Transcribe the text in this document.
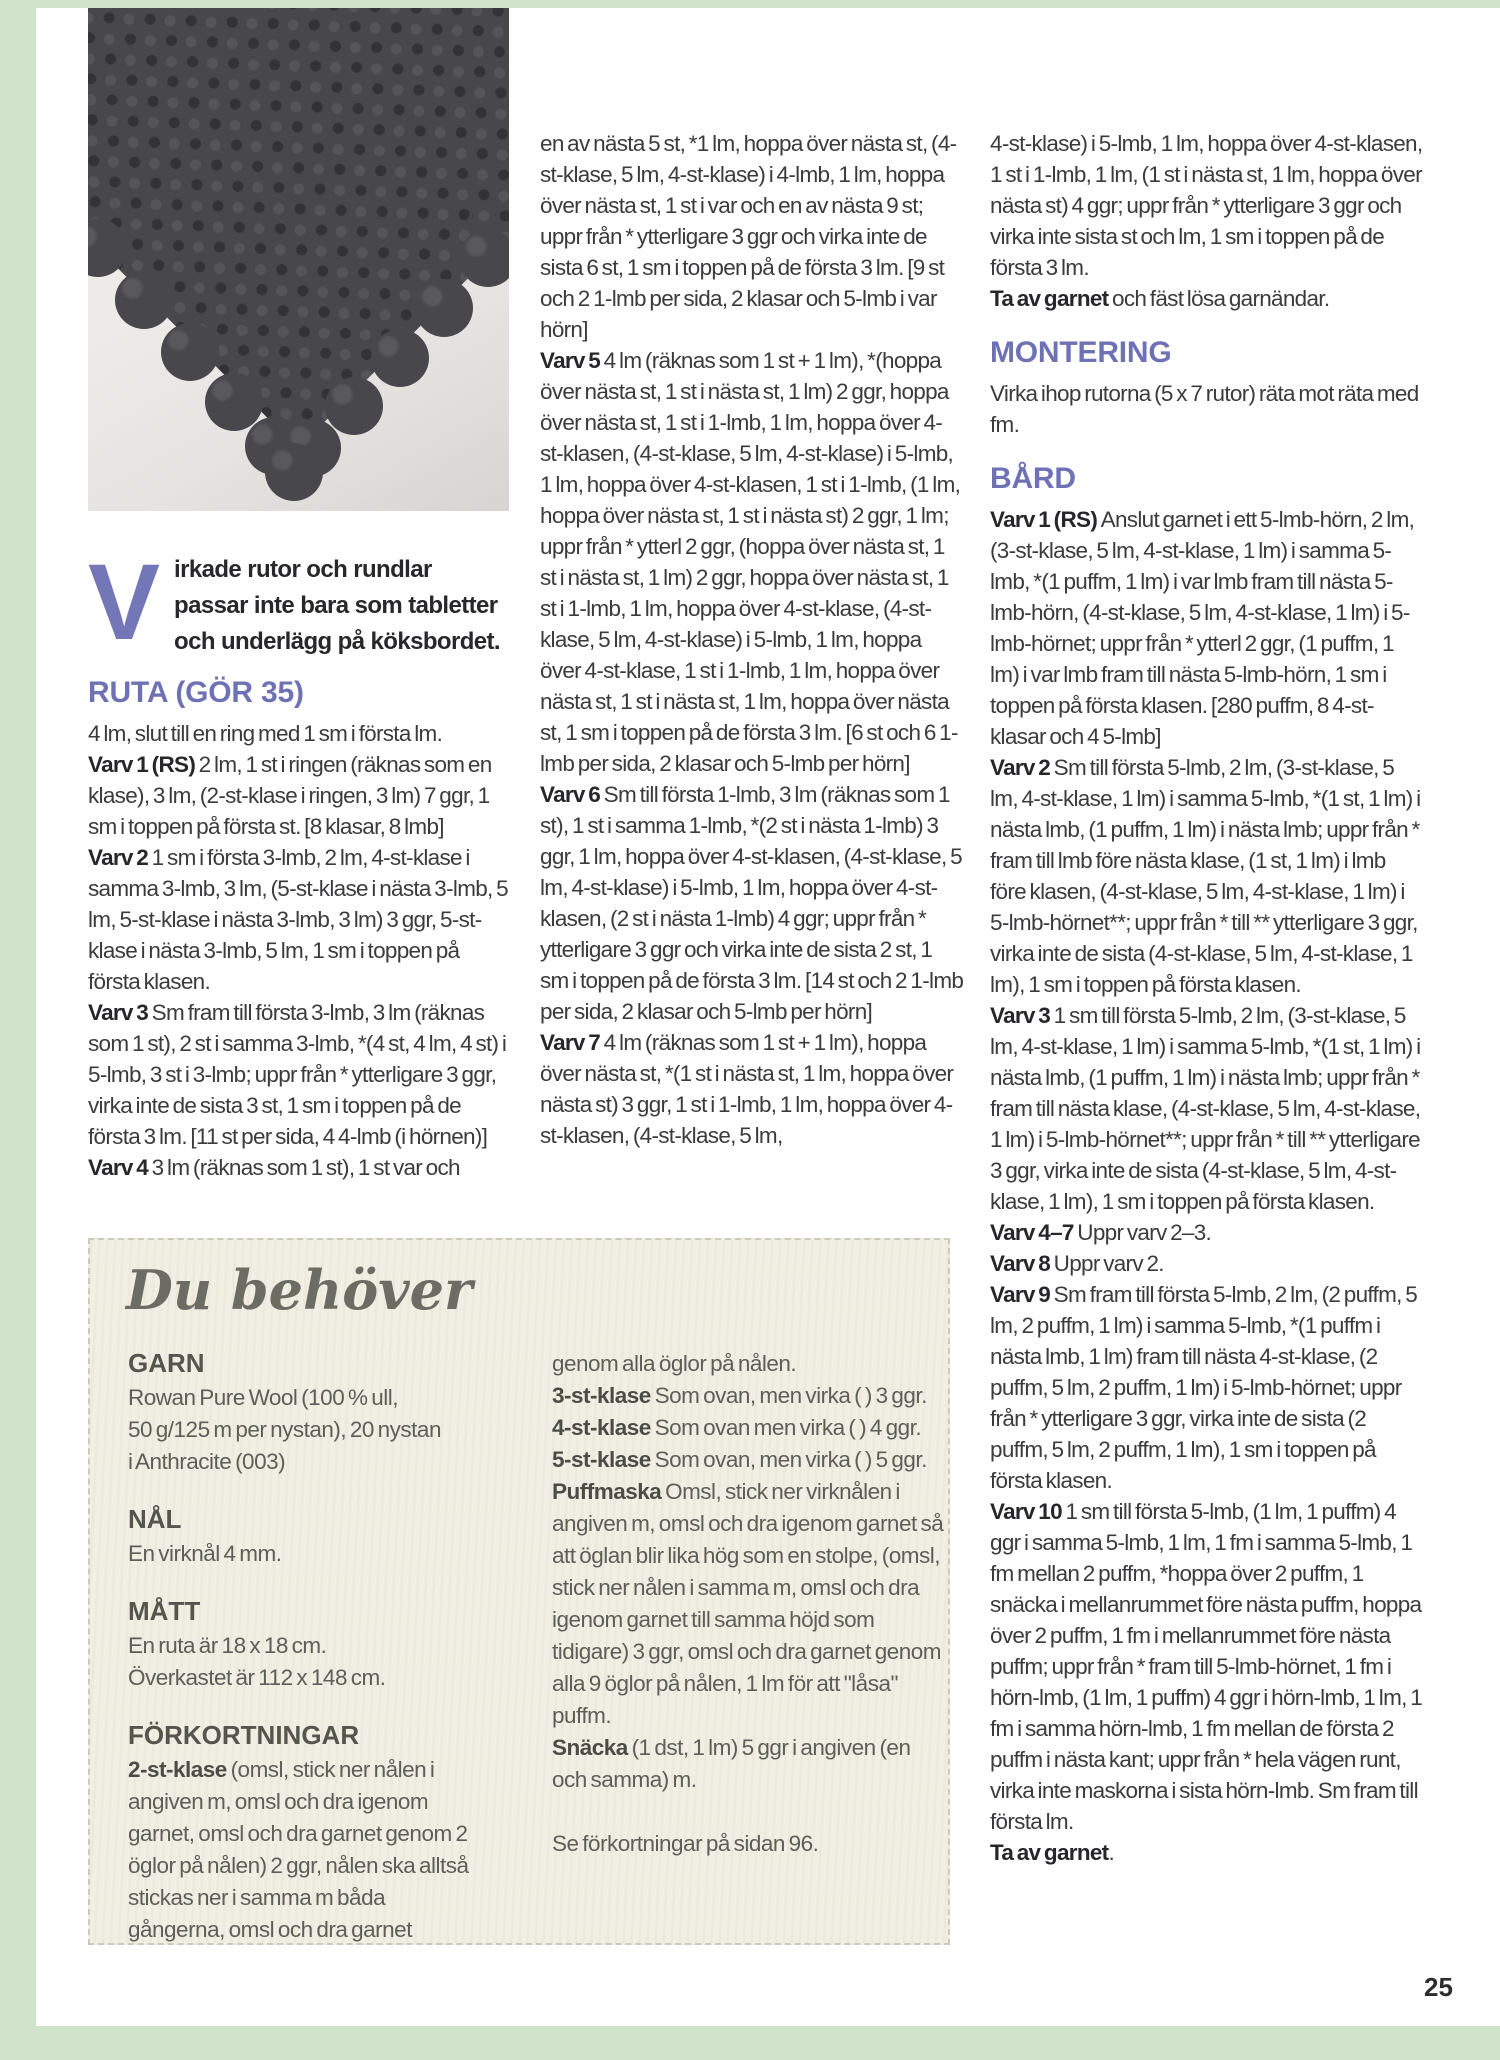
Virkade rutor och rundlar passar inte bara som tabletter och underlägg på köksbordet.
RUTA (GÖR 35)

4 lm, slut till en ring med 1 sm i första lm.

Varv 1 (RS) 2 lm, 1 st i ringen (räknas som en klase), 3 lm, (2-st-klase i ringen, 3 lm) 7 ggr, 1 sm i toppen på första st. [8 klasar, 8 lmb]

Varv 2 1 sm i första 3-lmb, 2 lm, 4-st-klase i samma 3-lmb, 3 lm, (5-st-klase i nästa 3-lmb, 5 lm, 5-st-klase i nästa 3-lmb, 3 lm) 3 ggr, 5-st-klase i nästa 3-lmb, 5 lm, 1 sm i toppen på första klasen.

Varv 3 Sm fram till första 3-lmb, 3 lm (räknas som 1 st), 2 st i samma 3-lmb, *(4 st, 4 lm, 4 st) i 5-lmb, 3 st i 3-lmb; uppr från * ytterligare 3 ggr, virka inte de sista 3 st, 1 sm i toppen på de första 3 lm. [11 st per sida, 4 4-lmb (i hörnen)]

Varv 4 3 lm (räknas som 1 st), 1 st var och

en av nästa 5 st, *1 lm, hoppa över nästa st, (4-st-klase, 5 lm, 4-st-klase) i 4-lmb, 1 lm, hoppa över nästa st, 1 st i var och en av nästa 9 st; uppr från * ytterligare 3 ggr och virka inte de sista 6 st, 1 sm i toppen på de första 3 lm. [9 st och 2 1-lmb per sida, 2 klasar och 5-lmb i var hörn]

Varv 5 4 lm (räknas som 1 st + 1 lm), *(hoppa över nästa st, 1 st i nästa st, 1 lm) 2 ggr, hoppa över nästa st, 1 st i 1-lmb, 1 lm, hoppa över 4-st-klasen, (4-st-klase, 5 lm, 4-st-klase) i 5-lmb, 1 lm, hoppa över 4-st-klasen, 1 st i 1-lmb, (1 lm, hoppa över nästa st, 1 st i nästa st) 2 ggr, 1 lm; uppr från * ytterl 2 ggr, (hoppa över nästa st, 1 st i nästa st, 1 lm) 2 ggr, hoppa över nästa st, 1 st i 1-lmb, 1 lm, hoppa över 4-st-klase, (4-st-klase, 5 lm, 4-st-klase) i 5-lmb, 1 lm, hoppa över 4-st-klase, 1 st i 1-lmb, 1 lm, hoppa över nästa st, 1 st i nästa st, 1 lm, hoppa över nästa st, 1 sm i toppen på de första 3 lm. [6 st och 6 1-lmb per sida, 2 klasar och 5-lmb per hörn]

Varv 6 Sm till första 1-lmb, 3 lm (räknas som 1 st), 1 st i samma 1-lmb, *(2 st i nästa 1-lmb) 3 ggr, 1 lm, hoppa över 4-st-klasen, (4-st-klase, 5 lm, 4-st-klase) i 5-lmb, 1 lm, hoppa över 4-st-klasen, (2 st i nästa 1-lmb) 4 ggr; uppr från * ytterligare 3 ggr och virka inte de sista 2 st, 1 sm i toppen på de första 3 lm. [14 st och 2 1-lmb per sida, 2 klasar och 5-lmb per hörn]

Varv 7 4 lm (räknas som 1 st + 1 lm), hoppa över nästa st, *(1 st i nästa st, 1 lm, hoppa över nästa st) 3 ggr, 1 st i 1-lmb, 1 lm, hoppa över 4-st-klasen, (4-st-klase, 5 lm,

4-st-klase) i 5-lmb, 1 lm, hoppa över 4-st-klasen, 1 st i 1-lmb, 1 lm, (1 st i nästa st, 1 lm, hoppa över nästa st) 4 ggr; uppr från * ytterligare 3 ggr och virka inte sista st och lm, 1 sm i toppen på de första 3 lm.

Ta av garnet och fäst lösa garnändar.

MONTERING

Virka ihop rutorna (5 x 7 rutor) räta mot räta med fm.

BÅRD

Varv 1 (RS) Anslut garnet i ett 5-lmb-hörn, 2 lm, (3-st-klase, 5 lm, 4-st-klase, 1 lm) i samma 5-lmb, *(1 puffm, 1 lm) i var lmb fram till nästa 5-lmb-hörn, (4-st-klase, 5 lm, 4-st-klase, 1 lm) i 5-lmb-hörnet; uppr från * ytterl 2 ggr, (1 puffm, 1 lm) i var lmb fram till nästa 5-lmb-hörn, 1 sm i toppen på första klasen. [280 puffm, 8 4-st-klasar och 4 5-lmb]

Varv 2 Sm till första 5-lmb, 2 lm, (3-st-klase, 5 lm, 4-st-klase, 1 lm) i samma 5-lmb, *(1 st, 1 lm) i nästa lmb, (1 puffm, 1 lm) i nästa lmb; uppr från * fram till lmb före nästa klase, (1 st, 1 lm) i lmb före klasen, (4-st-klase, 5 lm, 4-st-klase, 1 lm) i 5-lmb-hörnet**; uppr från * till ** ytterligare 3 ggr, virka inte de sista (4-st-klase, 5 lm, 4-st-klase, 1 lm), 1 sm i toppen på första klasen.

Varv 3 1 sm till första 5-lmb, 2 lm, (3-st-klase, 5 lm, 4-st-klase, 1 lm) i samma 5-lmb, *(1 st, 1 lm) i nästa lmb, (1 puffm, 1 lm) i nästa lmb; uppr från * fram till nästa klase, (4-st-klase, 5 lm, 4-st-klase, 1 lm) i 5-lmb-hörnet**; uppr från * till ** ytterligare 3 ggr, virka inte de sista (4-st-klase, 5 lm, 4-st-klase, 1 lm), 1 sm i toppen på första klasen.

Varv 4–7 Uppr varv 2–3.

Varv 8 Uppr varv 2.

Varv 9 Sm fram till första 5-lmb, 2 lm, (2 puffm, 5 lm, 2 puffm, 1 lm) i samma 5-lmb, *(1 puffm i nästa lmb, 1 lm) fram till nästa 4-st-klase, (2 puffm, 5 lm, 2 puffm, 1 lm) i 5-lmb-hörnet; uppr från * ytterligare 3 ggr, virka inte de sista (2 puffm, 5 lm, 2 puffm, 1 lm), 1 sm i toppen på första klasen.

Varv 10 1 sm till första 5-lmb, (1 lm, 1 puffm) 4 ggr i samma 5-lmb, 1 lm, 1 fm i samma 5-lmb, 1 fm mellan 2 puffm, *hoppa över 2 puffm, 1 snäcka i mellanrummet före nästa puffm, hoppa över 2 puffm, 1 fm i mellanrummet före nästa puffm; uppr från * fram till 5-lmb-hörnet, 1 fm i hörn-lmb, (1 lm, 1 puffm) 4 ggr i hörn-lmb, 1 lm, 1 fm i samma hörn-lmb, 1 fm mellan de första 2 puffm i nästa kant; uppr från * hela vägen runt, virka inte maskorna i sista hörn-lmb. Sm fram till första lm.

Ta av garnet.

Du behöver
GARN

Rowan Pure Wool (100 % ull,

50 g/125 m per nystan), 20 nystan

i Anthracite (003)

NÅL

En virknål 4 mm.

MÅTT

En ruta är 18 x 18 cm.

Överkastet är 112 x 148 cm.

FÖRKORTNINGAR

2-st-klase (omsl, stick ner nålen i angiven m, omsl och dra igenom garnet, omsl och dra garnet genom 2 öglor på nålen) 2 ggr, nålen ska alltså stickas ner i samma m båda gångerna, omsl och dra garnet

genom alla öglor på nålen.

3-st-klase Som ovan, men virka ( ) 3 ggr.

4-st-klase Som ovan men virka ( ) 4 ggr.

5-st-klase Som ovan, men virka ( ) 5 ggr.

Puffmaska Omsl, stick ner virknålen i angiven m, omsl och dra igenom garnet så att öglan blir lika hög som en stolpe, (omsl, stick ner nålen i samma m, omsl och dra igenom garnet till samma höjd som tidigare) 3 ggr, omsl och dra garnet genom alla 9 öglor på nålen, 1 lm för att "låsa" puffm.

Snäcka (1 dst, 1 lm) 5 ggr i angiven (en och samma) m.

Se förkortningar på sidan 96.

25
